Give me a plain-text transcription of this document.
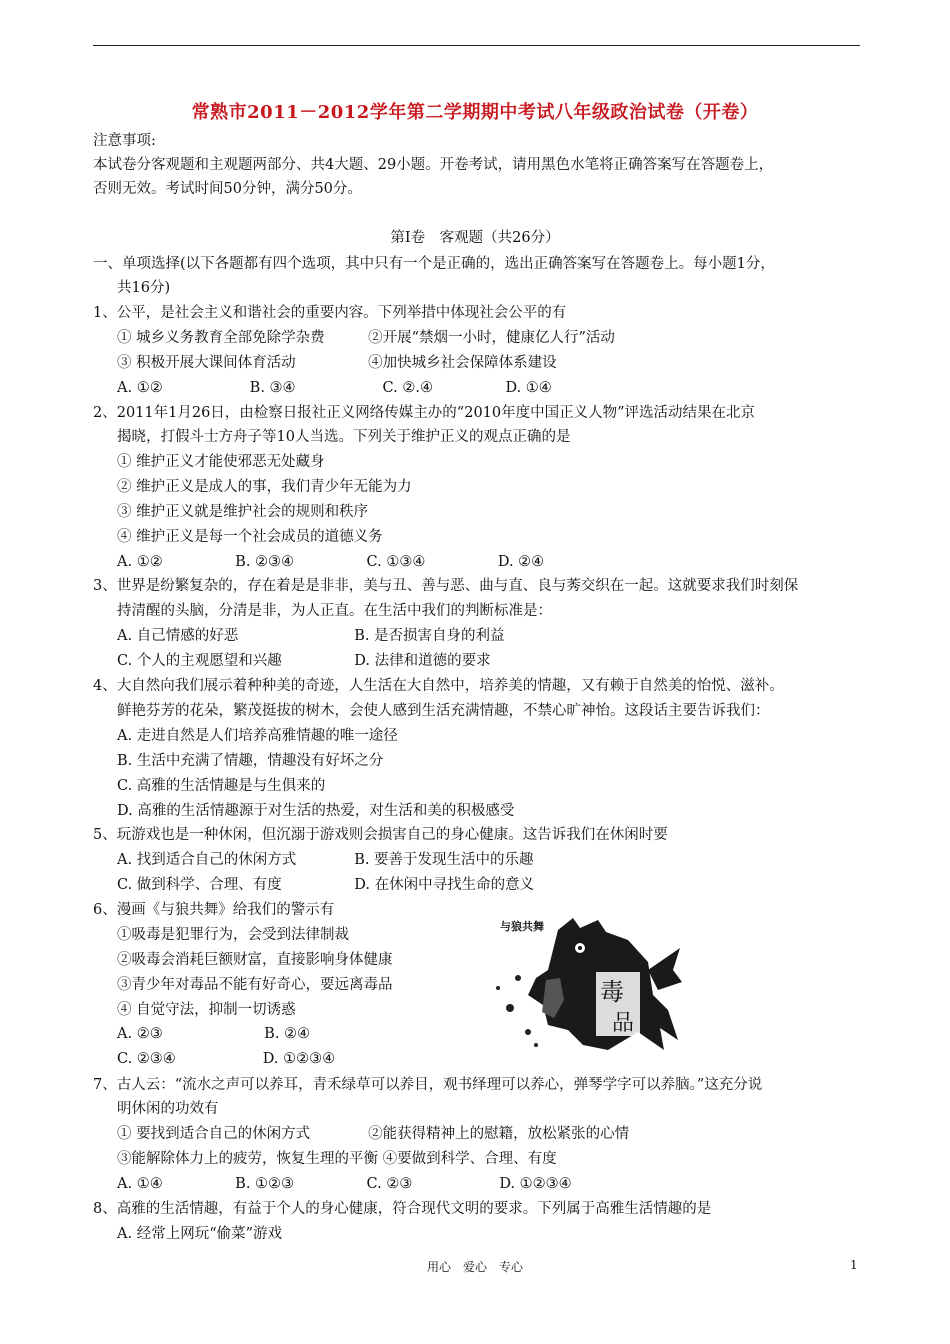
常熟市2011－2012学年第二学期期中考试八年级政治试卷（开卷）
注意事项:
本试卷分客观题和主观题两部分、共4大题、29小题。开卷考试，请用黑色水笔将正确答案写在答题卷上，
否则无效。考试时间50分钟，满分50分。
第Ⅰ卷　客观题（共26分）
一、单项选择(以下各题都有四个选项，其中只有一个是正确的，选出正确答案写在答题卷上。每小题1分，
共16分)
1、公平，是社会主义和谐社会的重要内容。下列举措中体现社会公平的有
① 城乡义务教育全部免除学杂费　　　②开展“禁烟一小时，健康亿人行”活动
③ 积极开展大课间体育活动　　　　　④加快城乡社会保障体系建设
A. ①②　　　　　　B. ③④　　　　　　C. ②.④　　　　　D. ①④
2、2011年1月26日，由检察日报社正义网络传媒主办的“2010年度中国正义人物”评选活动结果在北京
揭晓，打假斗士方舟子等10人当选。下列关于维护正义的观点正确的是
① 维护正义才能使邪恶无处藏身
② 维护正义是成人的事，我们青少年无能为力
③ 维护正义就是维护社会的规则和秩序
④ 维护正义是每一个社会成员的道德义务
A. ①②　　　　　B. ②③④　　　　　C. ①③④　　　　　D. ②④
3、世界是纷繁复杂的，存在着是是非非，美与丑、善与恶、曲与直、良与莠交织在一起。这就要求我们时刻保
持清醒的头脑，分清是非，为人正直。在生活中我们的判断标准是：
A. 自己情感的好恶　　　　　　　　B. 是否损害自身的利益
C. 个人的主观愿望和兴趣　　　　　D. 法律和道德的要求
4、大自然向我们展示着种种美的奇迹，人生活在大自然中，培养美的情趣，又有赖于自然美的怡悦、滋补。
鲜艳芬芳的花朵，繁茂挺拔的树木，会使人感到生活充满情趣，不禁心旷神怡。这段话主要告诉我们：
A. 走进自然是人们培养高雅情趣的唯一途径
B. 生活中充满了情趣，情趣没有好坏之分
C. 高雅的生活情趣是与生俱来的
D. 高雅的生活情趣源于对生活的热爱，对生活和美的积极感受
5、玩游戏也是一种休闲，但沉溺于游戏则会损害自己的身心健康。这告诉我们在休闲时要
A. 找到适合自己的休闲方式　　　　B. 要善于发现生活中的乐趣
C. 做到科学、合理、有度　　　　　D. 在休闲中寻找生命的意义
6、漫画《与狼共舞》给我们的警示有
①吸毒是犯罪行为，会受到法律制裁
②吸毒会消耗巨额财富，直接影响身体健康
③青少年对毒品不能有好奇心，要远离毒品
④ 自觉守法，抑制一切诱惑
A. ②③　　　　　　　B. ②④
C. ②③④　　　　　　D. ①②③④
与狼共舞
毒
品
7、古人云：“流水之声可以养耳，青禾绿草可以养目，观书绎理可以养心，弹琴学字可以养脑。”这充分说
明休闲的功效有
① 要找到适合自己的休闲方式　　　　②能获得精神上的慰籍，放松紧张的心情
③能解除体力上的疲劳，恢复生理的平衡 ④要做到科学、合理、有度
A. ①④　　　　　B. ①②③　　　　　C. ②③　　　　　　D. ①②③④
8、高雅的生活情趣，有益于个人的身心健康，符合现代文明的要求。下列属于高雅生活情趣的是
A. 经常上网玩“偷菜”游戏
用心　爱心　专心	1
